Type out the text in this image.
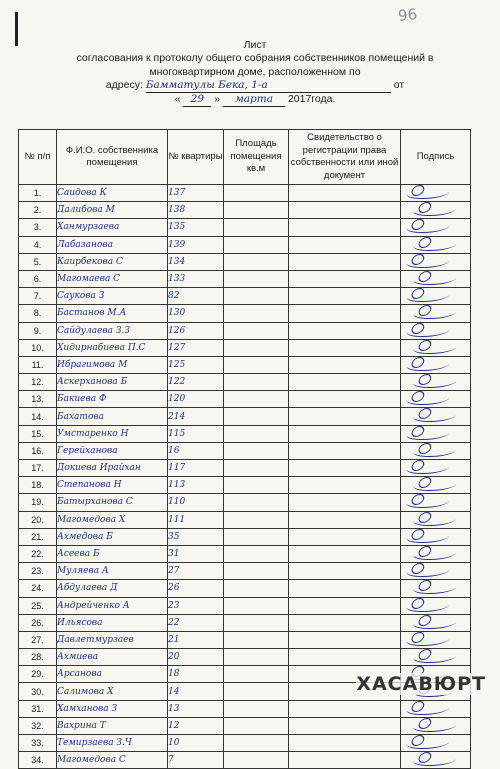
96
Лист
согласования к протоколу общего собрания собственников помещений в
многоквартирном доме, расположенном по
адресу: Бамматулы Бека, 1-а	от
« 29 » марта 2017года.
№ п/п	Ф.И.О. собственника помещения	№ квартиры	Площадь помещения кв.м	Свидетельство о регистрации права собственности или иной документ	Подпись
1.	Саидова К	137			

2.	Далибова М	138			

3.	Ханмурзаева	135			

4.	Лабазанова	139			

5.	Каирбекова С	134			

6.	Магомаева С	133			

7.	Саукова З	82			

8.	Бастанов М.А	130			

9.	Сайдулаева З.З	126			

10.	Хидирнабиева П.С	127			

11.	Ибрагимова М	125			

12.	Аскерханова Б	122			

13.	Бакиева Ф	120			

14.	Бахатова	214			

15.	Умстаренко Н	115			

16.	Герейханова	16			

17.	Докиева Ирайхан	117			

18.	Степанова Н	113			

19.	Батырханова С	110			

20.	Магомедова Х	111			

21.	Ахмедова Б	35			

22.	Асеева Б	31			

23.	Муляева А	27			

24.	Абдулаева Д	26			

25.	Андрейченко А	23			

26.	Ильясова	22			

27.	Давлетмурзаев	21			

28.	Ахмиева	20			

29.	Арсанова	18			

30.	Салимова Х	14			

31.	Хамханова З	13			

32.	Вахрина Т	12			

33.	Темирзаева З.Ч	10			

34.	Магомедова С	7			
ХАСАВЮРТ
